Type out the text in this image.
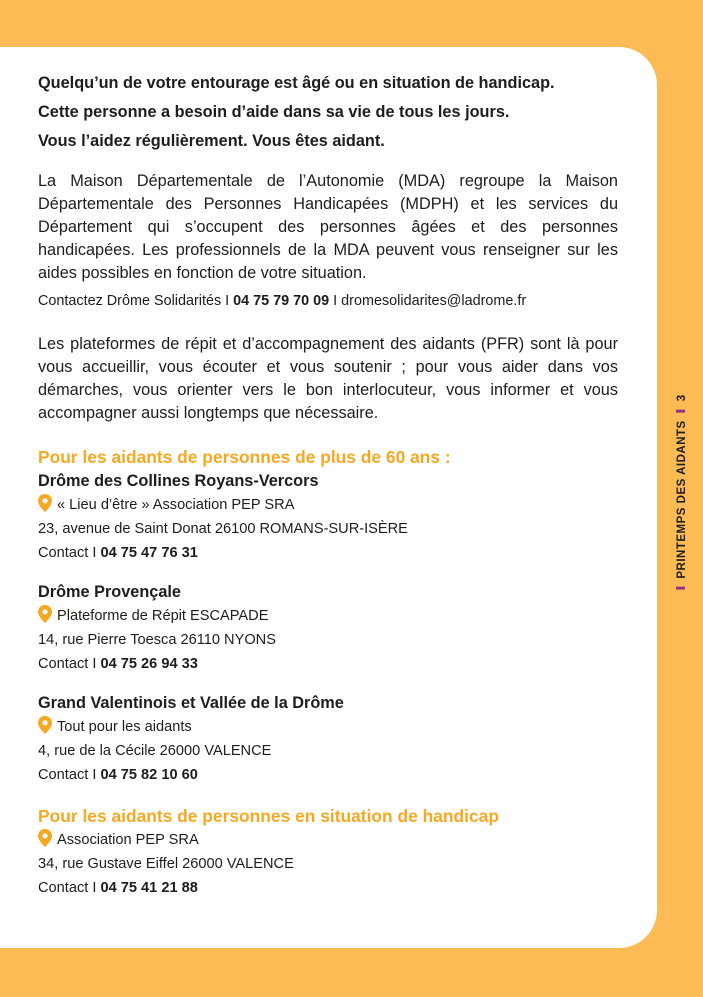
Quelqu’un de votre entourage est âgé ou en situation de handicap.

Cette personne a besoin d’aide dans sa vie de tous les jours.

Vous l’aidez régulièrement. Vous êtes aidant.

La Maison Départementale de l’Autonomie (MDA) regroupe la Maison Départementale des Personnes Handicapées (MDPH) et les services du Département qui s’occupent des personnes âgées et des personnes handicapées. Les professionnels de la MDA peuvent vous renseigner sur les aides possibles en fonction de votre situation.

Contactez Drôme Solidarités I 04 75 79 70 09 I dromesolidarites@ladrome.fr

Les plateformes de répit et d’accompagnement des aidants (PFR) sont là pour vous accueillir, vous écouter et vous soutenir ; pour vous aider dans vos démarches, vous orienter vers le bon interlocuteur, vous informer et vous accompagner aussi longtemps que nécessaire.

Pour les aidants de personnes de plus de 60 ans :

Drôme des Collines Royans-Vercors

« Lieu d’être » Association PEP SRA
23, avenue de Saint Donat 26100 ROMANS-SUR-ISÈRE
Contact I 04 75 47 76 31

Drôme Provençale

Plateforme de Répit ESCAPADE
14, rue Pierre Toesca 26110 NYONS
Contact I 04 75 26 94 33

Grand Valentinois et Vallée de la Drôme

Tout pour les aidants
4, rue de la Cécile 26000 VALENCE
Contact I 04 75 82 10 60

Pour les aidants de personnes en situation de handicap

Association PEP SRA
34, rue Gustave Eiffel 26000 VALENCE
Contact I 04 75 41 21 88
PRINTEMPS DES AIDANTS3
